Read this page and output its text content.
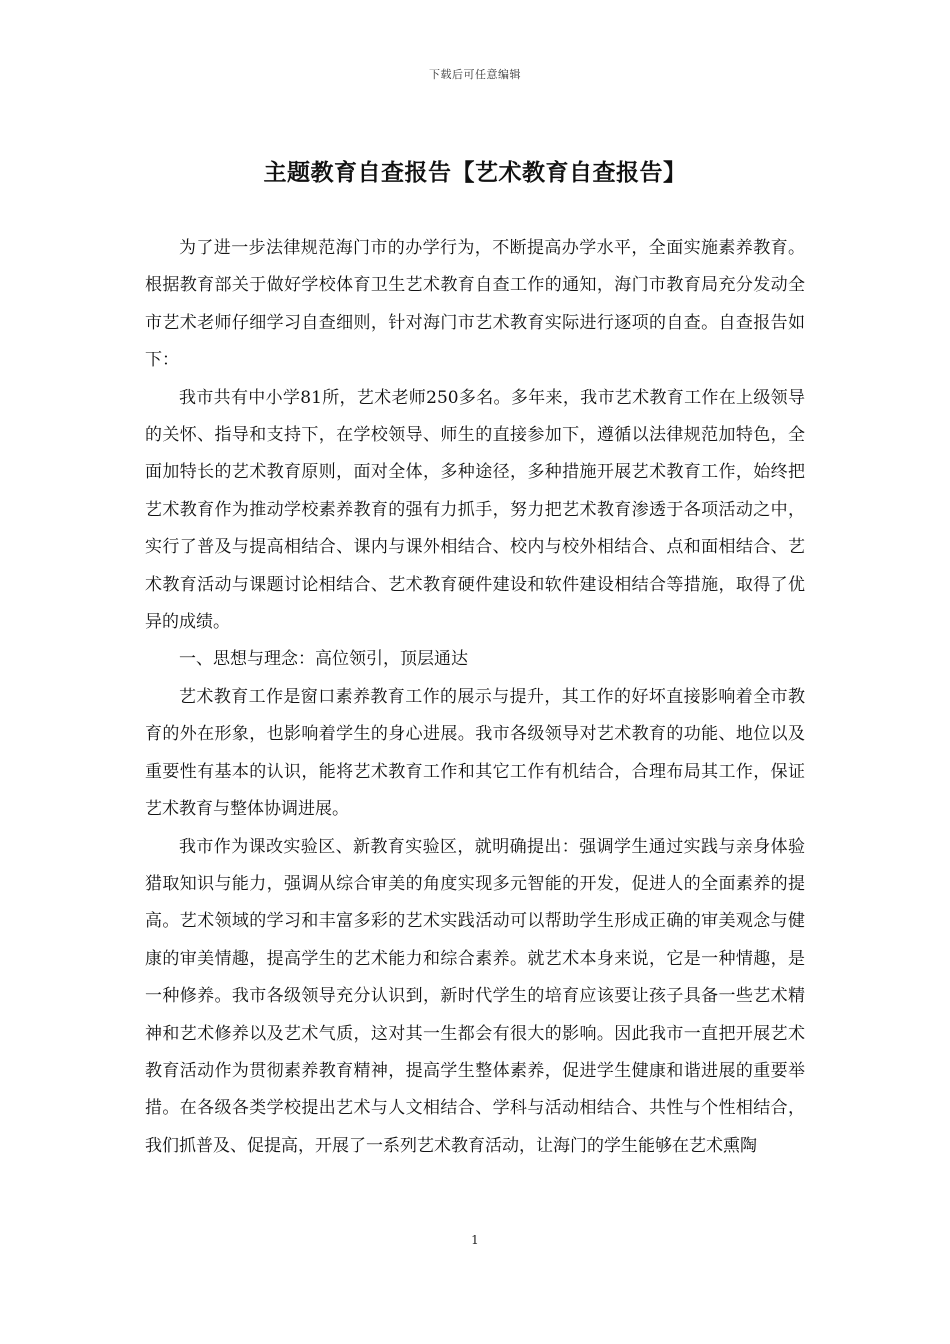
下载后可任意编辑
主题教育自查报告【艺术教育自查报告】

为了进一步法律规范海门市的办学行为，不断提高办学水平，全面实施素养教育。根据教育部关于做好学校体育卫生艺术教育自查工作的通知，海门市教育局充分发动全市艺术老师仔细学习自查细则，针对海门市艺术教育实际进行逐项的自查。自查报告如下：

我市共有中小学81所，艺术老师250多名。多年来，我市艺术教育工作在上级领导的关怀、指导和支持下，在学校领导、师生的直接参加下，遵循以法律规范加特色，全面加特长的艺术教育原则，面对全体，多种途径，多种措施开展艺术教育工作，始终把艺术教育作为推动学校素养教育的强有力抓手，努力把艺术教育渗透于各项活动之中，实行了普及与提高相结合、课内与课外相结合、校内与校外相结合、点和面相结合、艺术教育活动与课题讨论相结合、艺术教育硬件建设和软件建设相结合等措施，取得了优异的成绩。

一、思想与理念：高位领引，顶层通达

艺术教育工作是窗口素养教育工作的展示与提升，其工作的好坏直接影响着全市教育的外在形象，也影响着学生的身心进展。我市各级领导对艺术教育的功能、地位以及重要性有基本的认识，能将艺术教育工作和其它工作有机结合，合理布局其工作，保证艺术教育与整体协调进展。

我市作为课改实验区、新教育实验区，就明确提出：强调学生通过实践与亲身体验猎取知识与能力，强调从综合审美的角度实现多元智能的开发，促进人的全面素养的提高。艺术领域的学习和丰富多彩的艺术实践活动可以帮助学生形成正确的审美观念与健康的审美情趣，提高学生的艺术能力和综合素养。就艺术本身来说，它是一种情趣，是一种修养。我市各级领导充分认识到，新时代学生的培育应该要让孩子具备一些艺术精神和艺术修养以及艺术气质，这对其一生都会有很大的影响。因此我市一直把开展艺术教育活动作为贯彻素养教育精神，提高学生整体素养，促进学生健康和谐进展的重要举措。在各级各类学校提出艺术与人文相结合、学科与活动相结合、共性与个性相结合，我们抓普及、促提高，开展了一系列艺术教育活动，让海门的学生能够在艺术熏陶

1
